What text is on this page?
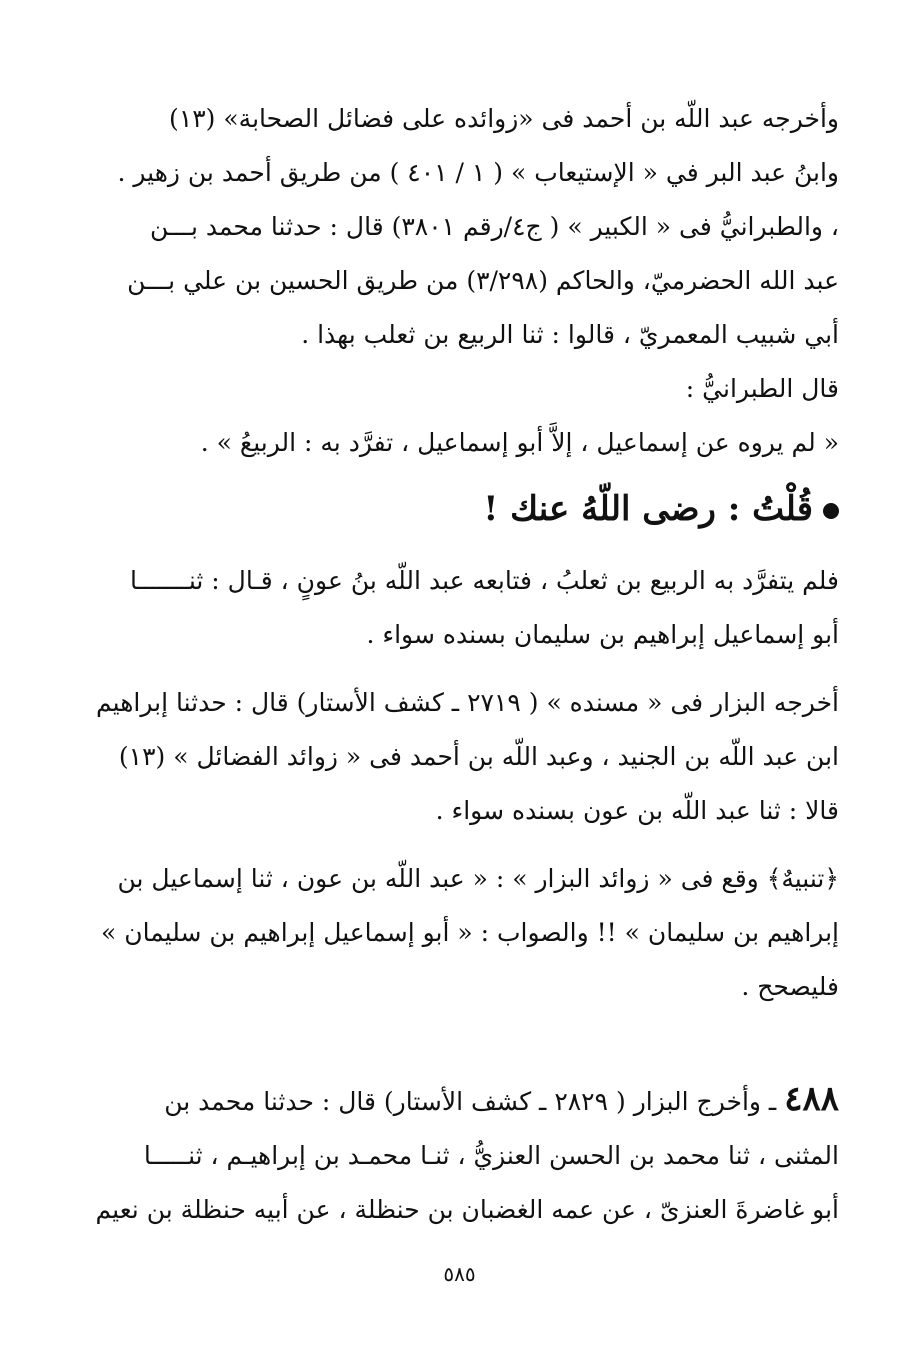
وأخرجه عبد اللّه بن أحمد فى «زوائده على فضائل الصحابة» (١٣)
وابنُ عبد البر في « الإستيعاب » ( ١ / ٤٠١ ) من طريق أحمد بن زهير .
، والطبرانيُّ فى « الكبير » ( ج٤/رقم ٣٨٠١) قال : حدثنا محمد بـــن
عبد الله الحضرميّ، والحاكم (٣/٢٩٨) من طريق الحسين بن علي بـــن
أبي شبيب المعمريّ ، قالوا : ثنا الربيع بن ثعلب بهذا .
قال الطبرانيُّ :
« لم يروه عن إسماعيل ، إلاَّ أبو إسماعيل ، تفرَّد به : الربيعُ » .
قُلْتُ : رضى اللّهُ عنك !
فلم يتفرَّد به الربيع بن ثعلبُ ، فتابعه عبد اللّه بنُ عونٍ ، قـال : ثنـــــــا
أبو إسماعيل إبراهيم بن سليمان بسنده سواء .
أخرجه البزار فى « مسنده » ( ٢٧١٩ ـ كشف الأستار) قال : حدثنا إبراهيم
ابن عبد اللّه بن الجنيد ، وعبد اللّه بن أحمد فى « زوائد الفضائل » (١٣)
قالا : ثنا عبد اللّه بن عون بسنده سواء .
﴿تنبيهٌ﴾ وقع فى « زوائد البزار » : « عبد اللّه بن عون ، ثنا إسماعيل بن
إبراهيم بن سليمان » !! والصواب : « أبو إسماعيل إبراهيم بن سليمان »
فليصحح .
٤٨٨ ـ وأخرج البزار ( ٢٨٢٩ ـ كشف الأستار) قال : حدثنا محمد بن
المثنى ، ثنا محمد بن الحسن العنزيُّ ، ثنـا محمـد بن إبراهيـم ، ثنـــــا
أبو غاضرةَ العنزىّ ، عن عمه الغضبان بن حنظلة ، عن أبيه حنظلة بن نعيم
٥٨٥
